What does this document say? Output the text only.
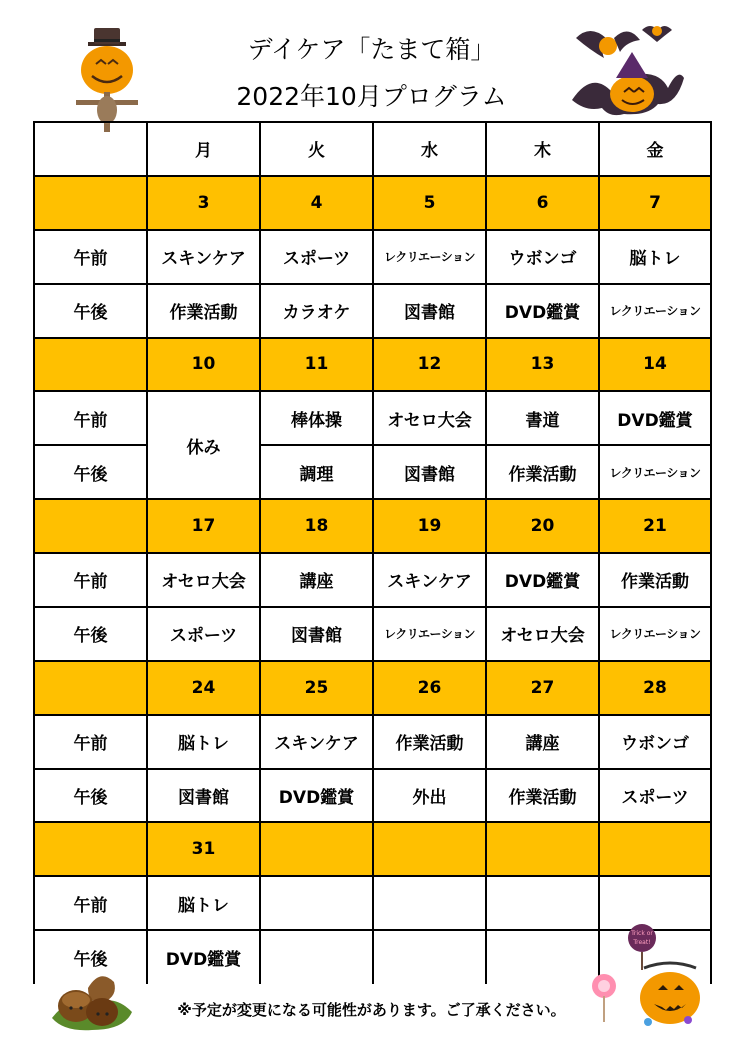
デイケア「たまて箱」
2022年10月プログラム
	月	火	水	木	金
	3	4	5	6	7
午前	スキンケア	スポーツ	レクリエーション	ウボンゴ	脳トレ
午後	作業活動	カラオケ	図書館	DVD鑑賞	レクリエーション
	10	11	12	13	14
午前	休み	棒体操	オセロ大会	書道	DVD鑑賞
午後		調理	図書館	作業活動	レクリエーション
	17	18	19	20	21
午前	オセロ大会	講座	スキンケア	DVD鑑賞	作業活動
午後	スポーツ	図書館	レクリエーション	オセロ大会	レクリエーション
	24	25	26	27	28
午前	脳トレ	スキンケア	作業活動	講座	ウボンゴ
午後	図書館	DVD鑑賞	外出	作業活動	スポーツ
	31				
午前	脳トレ				
午後	DVD鑑賞				
Trick or
Treat!
※予定が変更になる可能性があります。ご了承ください。
